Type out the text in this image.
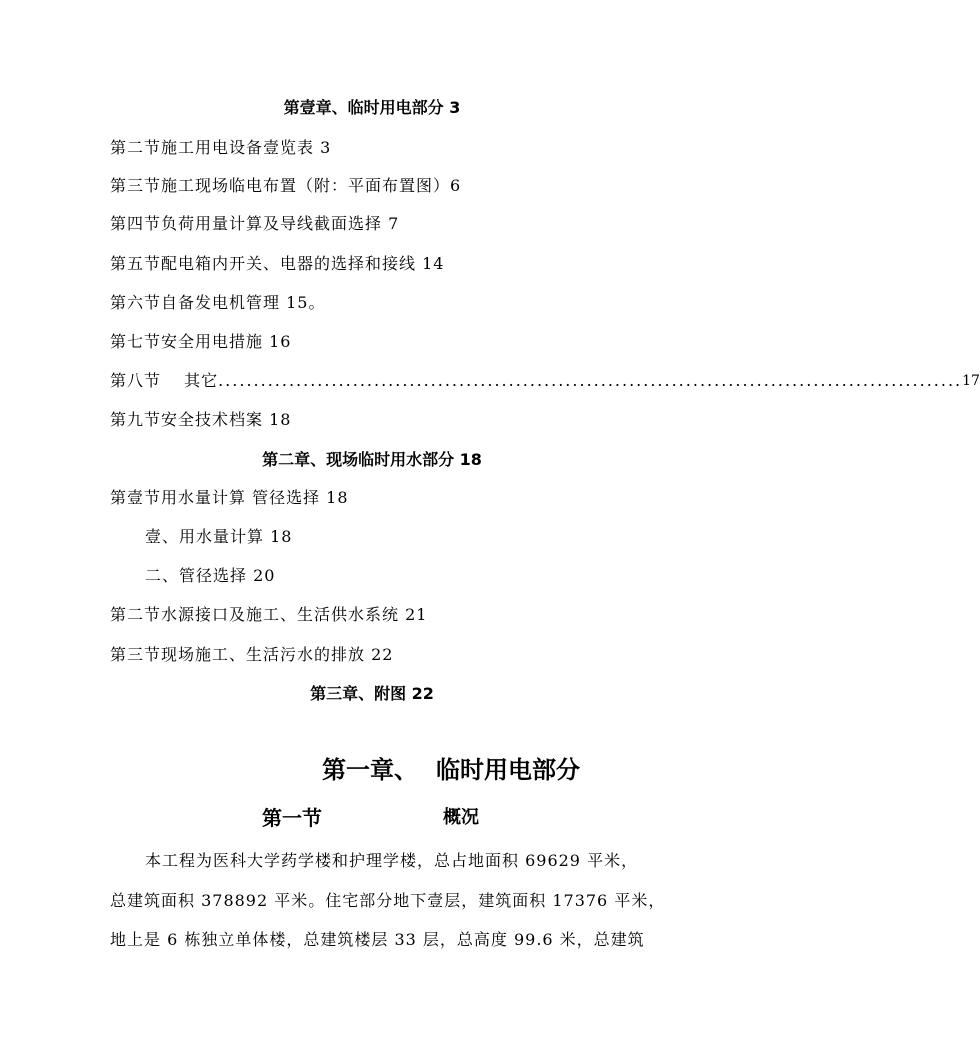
第壹章、临时用电部分 3
第二节施工用电设备壹览表 3
第三节施工现场临电布置（附：平面布置图）6
第四节负荷用量计算及导线截面选择 7
第五节配电箱内开关、电器的选择和接线 14
第六节自备发电机管理 15。
第七节安全用电措施 16
第八节　 其它 ......................................................................................................... 17
第九节安全技术档案 18
第二章、现场临时用水部分 18
第壹节用水量计算 管径选择 18
壹、用水量计算 18
二、管径选择 20
第二节水源接口及施工、生活供水系统 21
第三节现场施工、生活污水的排放 22
第三章、附图 22
第一章、 临时用电部分
第一节	概况
本工程为医科大学药学楼和护理学楼，总占地面积 69629 平米，
总建筑面积 378892 平米。住宅部分地下壹层，建筑面积 17376 平米，
地上是 6 栋独立单体楼，总建筑楼层 33 层，总高度 99.6 米，总建筑
